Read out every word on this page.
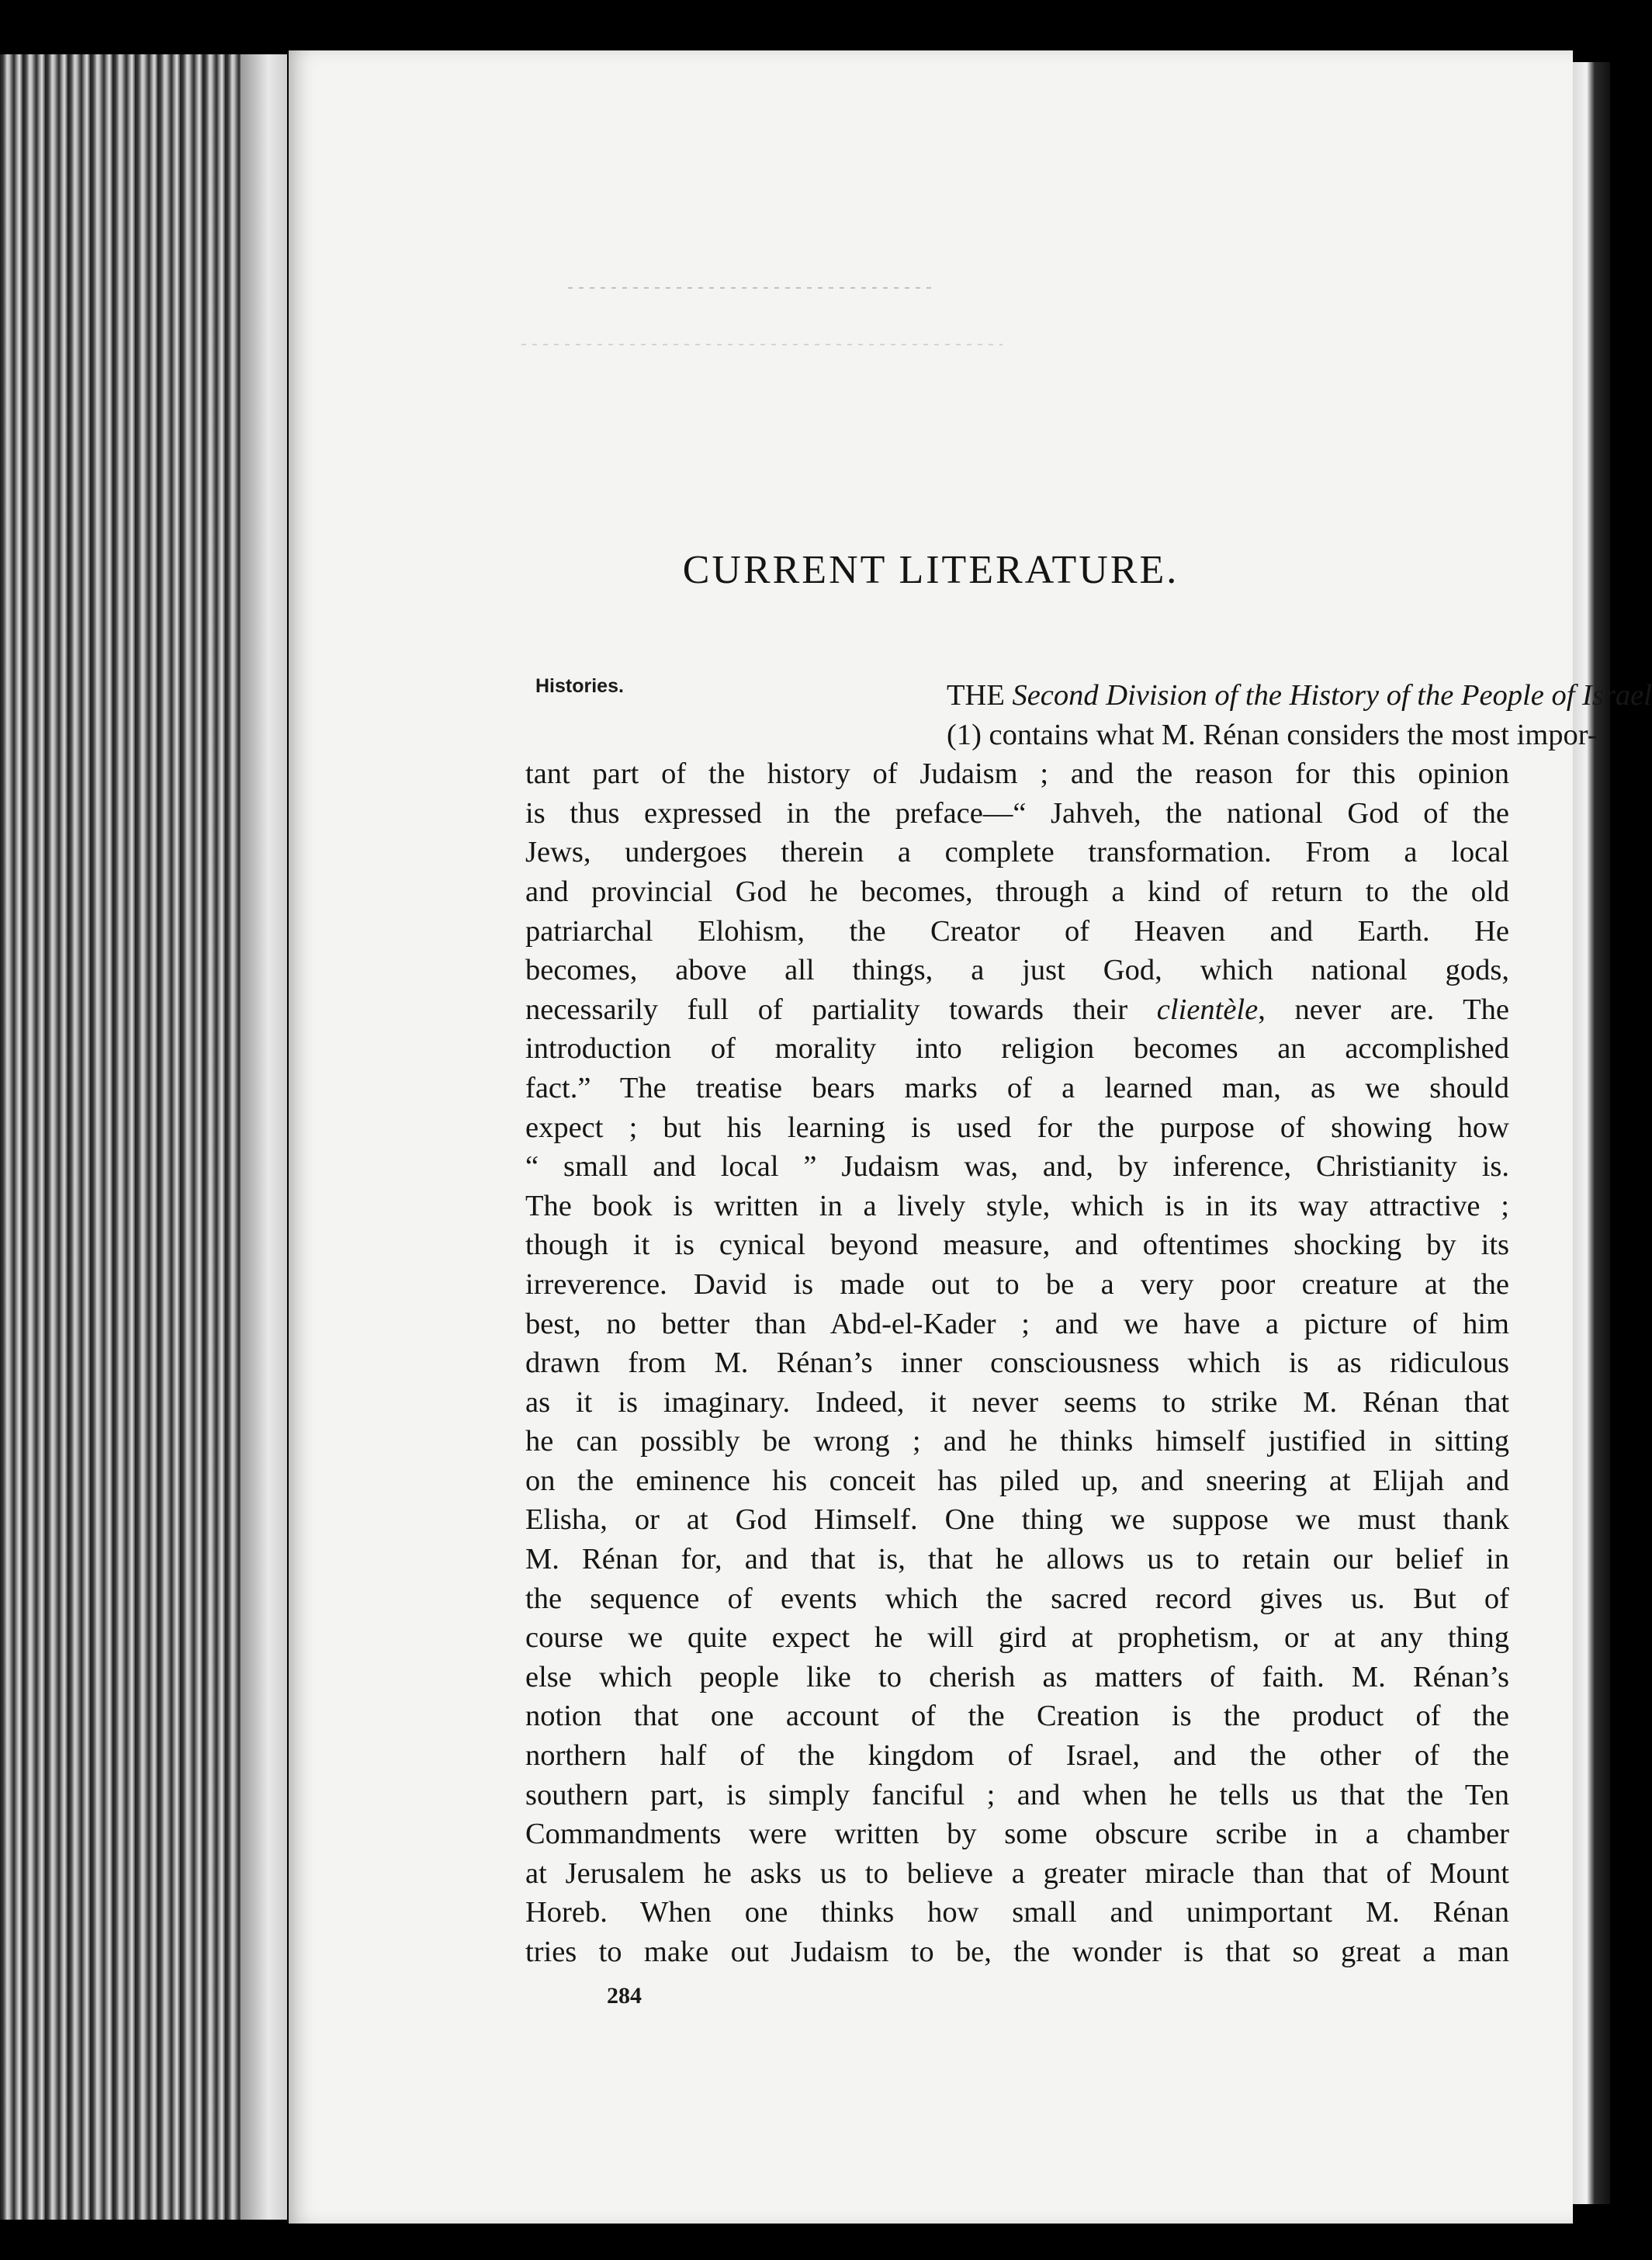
CURRENT LITERATURE.
Histories.	THE Second Division of the History of the People of Israel
(1) contains what M. Rénan considers the most impor-
tant part of the history of Judaism ; and the reason for this opinion
is thus expressed in the preface—“ Jahveh, the national God of the
Jews, undergoes therein a complete transformation. From a local
and provincial God he becomes, through a kind of return to the old
patriarchal Elohism, the Creator of Heaven and Earth. He
becomes, above all things, a just God, which national gods,
necessarily full of partiality towards their clientèle, never are. The
introduction of morality into religion becomes an accomplished
fact.” The treatise bears marks of a learned man, as we should
expect ; but his learning is used for the purpose of showing how
“ small and local ” Judaism was, and, by inference, Christianity is.
The book is written in a lively style, which is in its way attractive ;
though it is cynical beyond measure, and oftentimes shocking by its
irreverence. David is made out to be a very poor creature at the
best, no better than Abd-el-Kader ; and we have a picture of him
drawn from M. Rénan’s inner consciousness which is as ridiculous
as it is imaginary. Indeed, it never seems to strike M. Rénan that
he can possibly be wrong ; and he thinks himself justified in sitting
on the eminence his conceit has piled up, and sneering at Elijah and
Elisha, or at God Himself. One thing we suppose we must thank
M. Rénan for, and that is, that he allows us to retain our belief in
the sequence of events which the sacred record gives us. But of
course we quite expect he will gird at prophetism, or at any thing
else which people like to cherish as matters of faith. M. Rénan’s
notion that one account of the Creation is the product of the
northern half of the kingdom of Israel, and the other of the
southern part, is simply fanciful ; and when he tells us that the Ten
Commandments were written by some obscure scribe in a chamber
at Jerusalem he asks us to believe a greater miracle than that of Mount
Horeb. When one thinks how small and unimportant M. Rénan
tries to make out Judaism to be, the wonder is that so great a man
284
